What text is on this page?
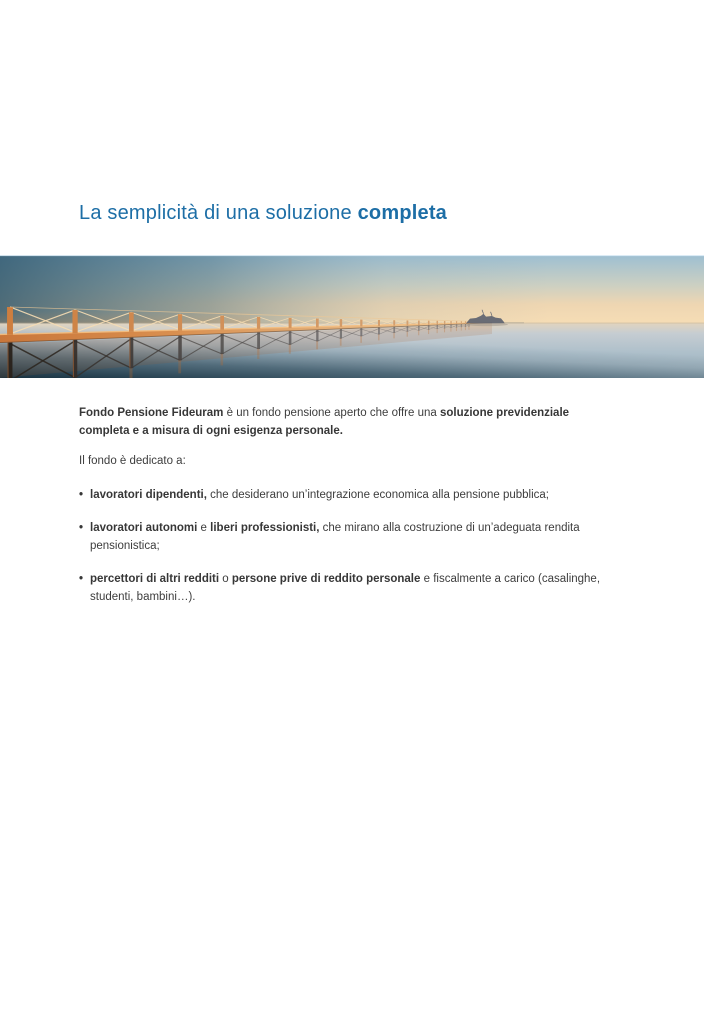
La semplicità di una soluzione completa

Fondo Pensione Fideuram è un fondo pensione aperto che offre una soluzione previdenziale completa e a misura di ogni esigenza personale.

Il fondo è dedicato a:

• lavoratori dipendenti, che desiderano un’integrazione economica alla pensione pubblica;
• lavoratori autonomi e liberi professionisti, che mirano alla costruzione di un’adeguata rendita pensionistica;
• percettori di altri redditi o persone prive di reddito personale e fiscalmente a carico (casalinghe, studenti, bambini…).
